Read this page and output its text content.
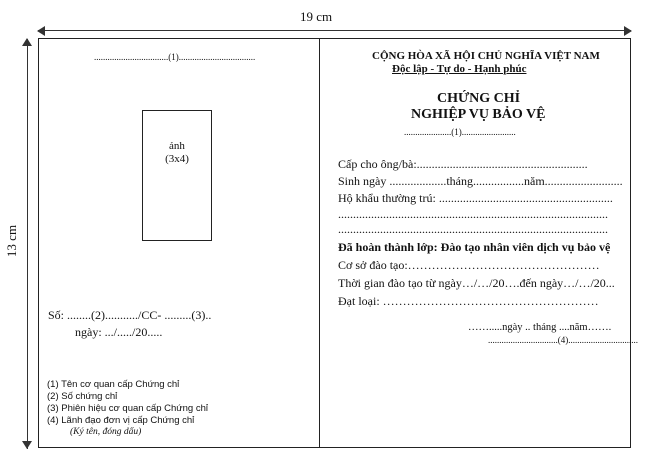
19 cm
13 cm
.................................(1)..................................
ảnh
(3x4)
Số: ........(2).........../CC- .........(3)..
ngày: .../...../20.....
(1) Tên cơ quan cấp Chứng chỉ
(2) Số chứng chỉ
(3) Phiên hiệu cơ quan cấp Chứng chỉ
(4) Lãnh đạo đơn vị cấp Chứng chỉ
(Ký tên, đóng dấu)
CỘNG HÒA XÃ HỘI CHỦ NGHĨA VIỆT NAM
Độc lập - Tự do - Hạnh phúc
CHỨNG CHỈ
NGHIỆP VỤ BẢO VỆ
.....................(1)........................
Cấp cho ông/bà:.........................................................
Sinh ngày ...................tháng.................năm..........................
Hộ khẩu thường trú: ..........................................................
..........................................................................................
..........................................................................................
Đã hoàn thành lớp: Đào tạo nhân viên dịch vụ bảo vệ
Cơ sở đào tạo:…………………………………………
Thời gian đào tạo từ ngày…/…/20….đến ngày…/…/20...
Đạt loại: ………………………………………………
…….....ngày .. tháng ....năm…….
...............................(4)...............................
